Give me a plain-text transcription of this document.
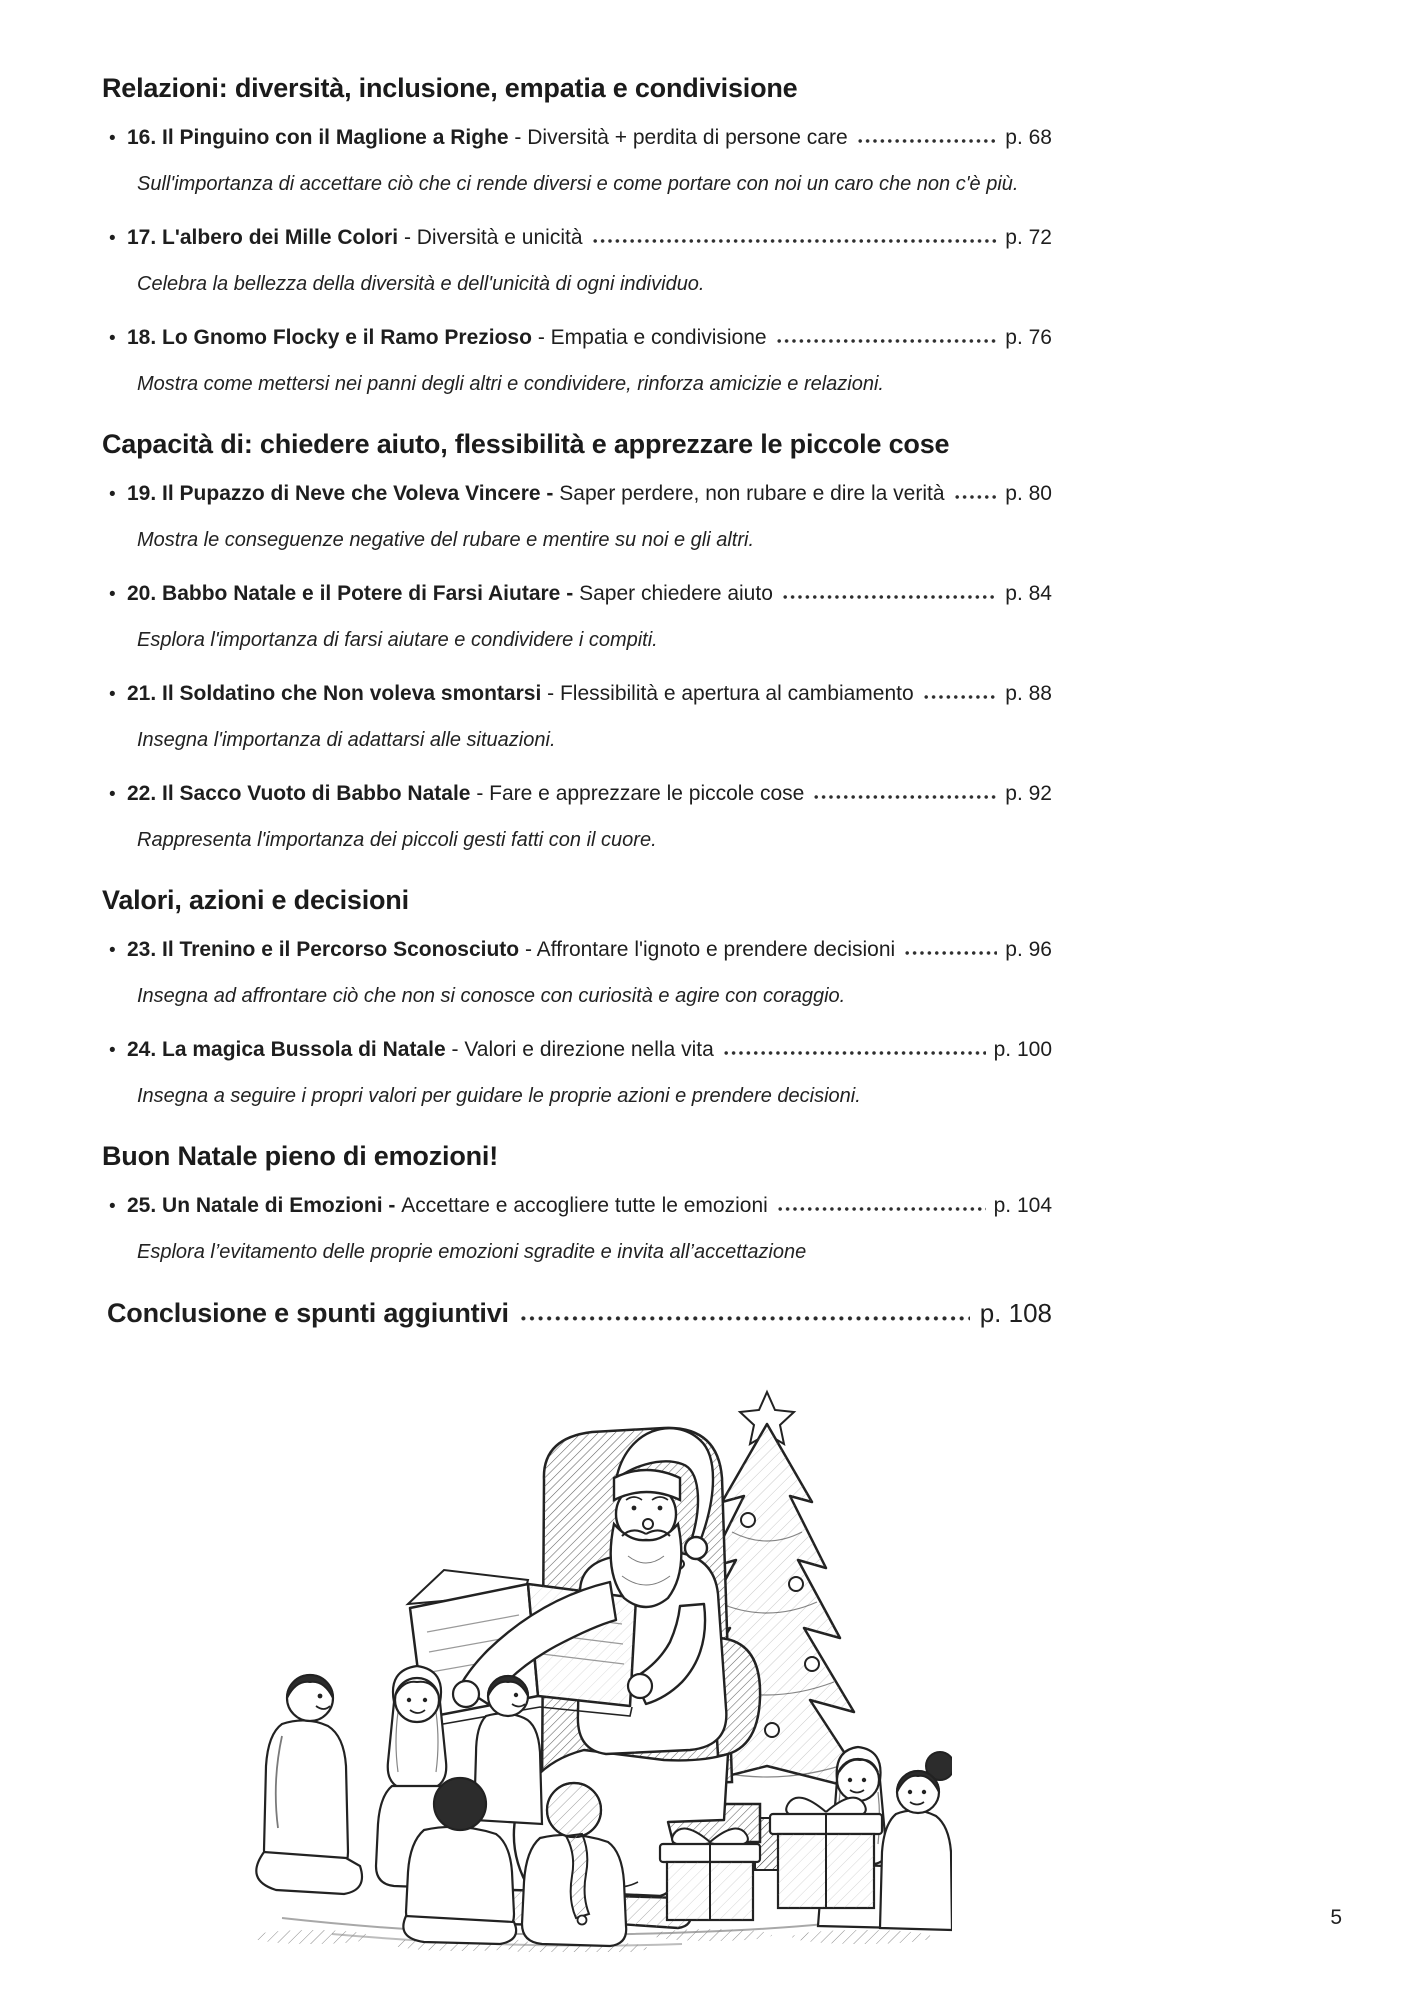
Relazioni: diversità, inclusione, empatia e condivisione
• 16. Il Pinguino con il Maglione a Righe - Diversità + perdita di persone care	p. 68

Sull'importanza di accettare ciò che ci rende diversi e come portare con noi un caro che non c'è più.

• 17. L'albero dei Mille Colori - Diversità e unicità	p. 72

Celebra la bellezza della diversità e dell'unicità di ogni individuo.

• 18. Lo Gnomo Flocky e il Ramo Prezioso - Empatia e condivisione	p. 76

Mostra come mettersi nei panni degli altri e condividere, rinforza amicizie e relazioni.

Capacità di: chiedere aiuto, flessibilità e apprezzare le piccole cose
• 19. Il Pupazzo di Neve che Voleva Vincere - Saper perdere, non rubare e dire la verità	p. 80

Mostra le conseguenze negative del rubare e mentire su noi e gli altri.

• 20. Babbo Natale e il Potere di Farsi Aiutare - Saper chiedere aiuto	p. 84

Esplora l'importanza di farsi aiutare e condividere i compiti.

• 21. Il Soldatino che Non voleva smontarsi - Flessibilità e apertura al cambiamento	p. 88

Insegna l'importanza di adattarsi alle situazioni.

• 22. Il Sacco Vuoto di Babbo Natale - Fare e apprezzare le piccole cose	p. 92

Rappresenta l'importanza dei piccoli gesti fatti con il cuore.

Valori, azioni e decisioni
• 23. Il Trenino e il Percorso Sconosciuto - Affrontare l'ignoto e prendere decisioni	p. 96

Insegna ad affrontare ciò che non si conosce con curiosità e agire con coraggio.

• 24. La magica Bussola di Natale - Valori e direzione nella vita	p. 100

Insegna a seguire i propri valori per guidare le proprie azioni e prendere decisioni.

Buon Natale pieno di emozioni!
• 25. Un Natale di Emozioni - Accettare e accogliere tutte le emozioni	p. 104

Esplora l’evitamento delle proprie emozioni sgradite e invita all’accettazione

Conclusione e spunti aggiuntivi	p. 108
5
